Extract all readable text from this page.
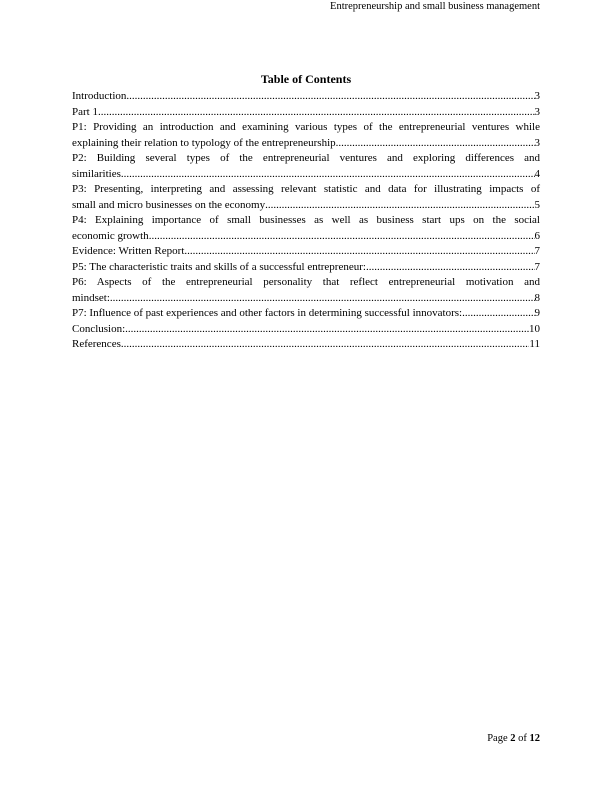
Entrepreneurship and small business management
Table of Contents
Introduction .....	3
Part 1 .....	3
P1: Providing an introduction and examining various types of the entrepreneurial ventures while
explaining their relation to typology of the entrepreneurship .....	3
P2: Building several types of the entrepreneurial ventures and exploring differences and
similarities .....	4
P3: Presenting, interpreting and assessing relevant statistic and data for illustrating impacts of
small and micro businesses on the economy .....	5
P4: Explaining importance of small businesses as well as business start ups on the social
economic growth .....	6
Evidence: Written Report .....	7
P5: The characteristic traits and skills of a successful entrepreneur: .....	7
P6: Aspects of the entrepreneurial personality that reflect entrepreneurial motivation and
mindset: .....	8
P7: Influence of past experiences and other factors in determining successful innovators: .....	9
Conclusion: .....	10
References .....	11
Page 2 of 12
